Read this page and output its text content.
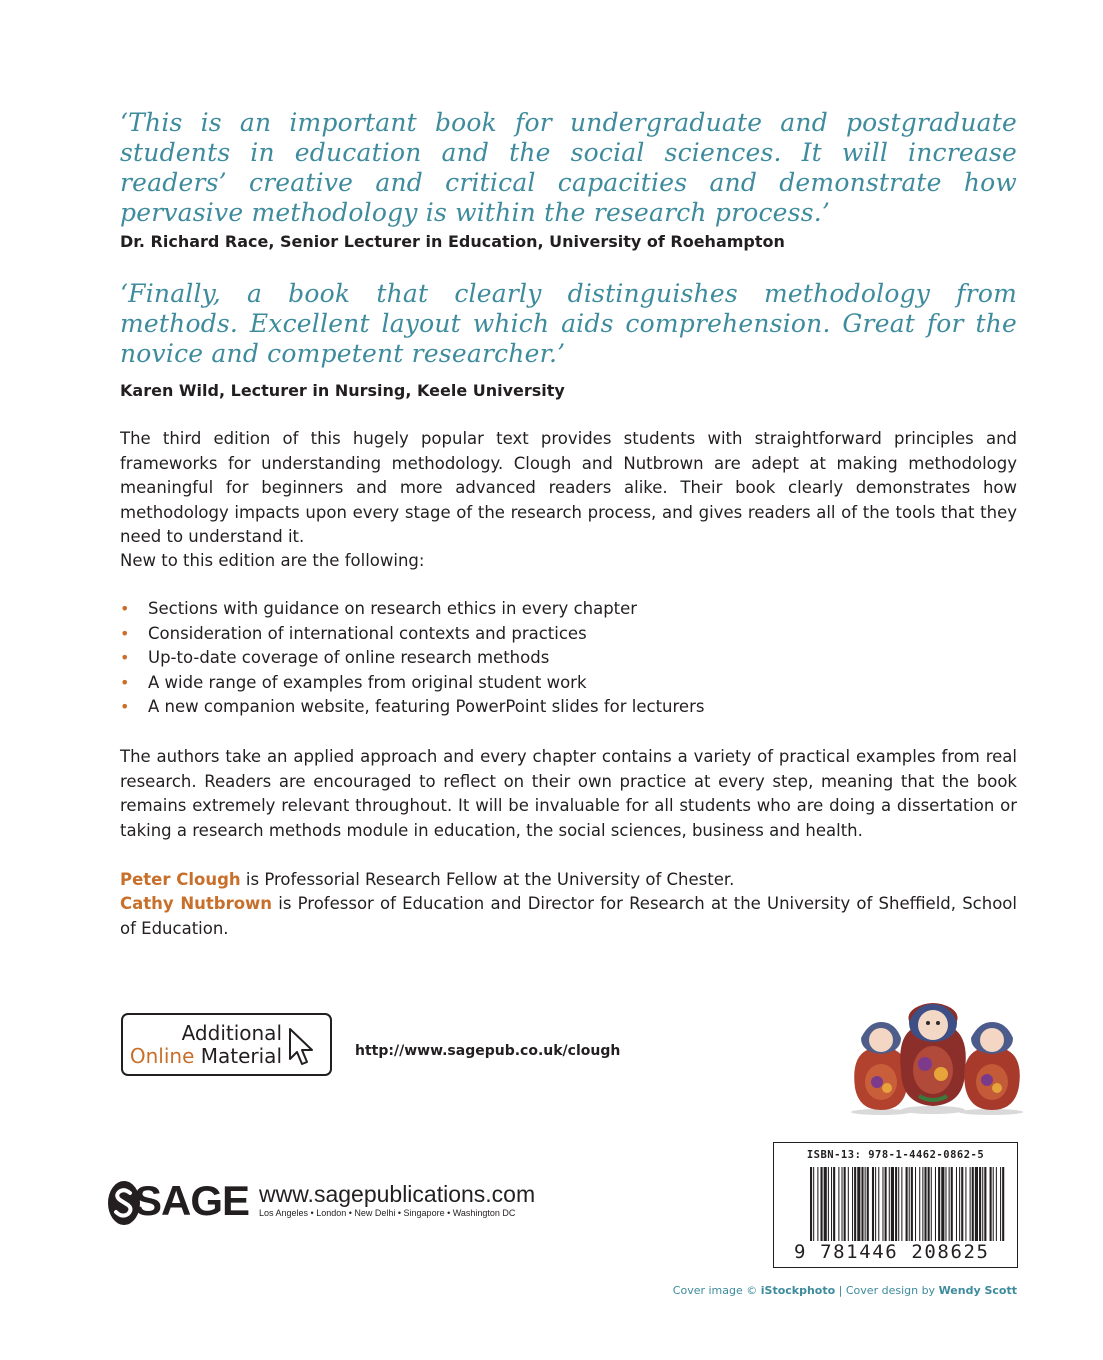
‘This is an important book for undergraduate and postgraduate students in education and the social sciences. It will increase readers’ creative and critical capacities and demonstrate how pervasive methodology is within the research process.’

Dr. Richard Race, Senior Lecturer in Education, University of Roehampton

‘Finally, a book that clearly distinguishes methodology from methods. Excellent layout which aids comprehension. Great for the novice and competent researcher.’

Karen Wild, Lecturer in Nursing, Keele University

The third edition of this hugely popular text provides students with straightforward principles and frameworks for understanding methodology. Clough and Nutbrown are adept at making methodology meaningful for beginners and more advanced readers alike. Their book clearly demonstrates how methodology impacts upon every stage of the research process, and gives readers all of the tools that they need to understand it.

New to this edition are the following:

• Sections with guidance on research ethics in every chapter
• Consideration of international contexts and practices
• Up-to-date coverage of online research methods
• A wide range of examples from original student work
• A new companion website, featuring PowerPoint slides for lecturers

The authors take an applied approach and every chapter contains a variety of practical examples from real research. Readers are encouraged to reflect on their own practice at every step, meaning that the book remains extremely relevant throughout. It will be invaluable for all students who are doing a dissertation or taking a research methods module in education, the social sciences, business and health.

Peter Clough is Professorial Research Fellow at the University of Chester.

Cathy Nutbrown is Professor of Education and Director for Research at the University of Sheffield, School of Education.

Additional
Online Material	http://www.sagepub.co.uk/clough
SAGE www.sagepublications.com
Los Angeles • London • New Delhi • Singapore • Washington DC
ISBN-13: 978-1-4462-0862-5
9 781446 208625
Cover image © iStockphoto | Cover design by Wendy Scott
